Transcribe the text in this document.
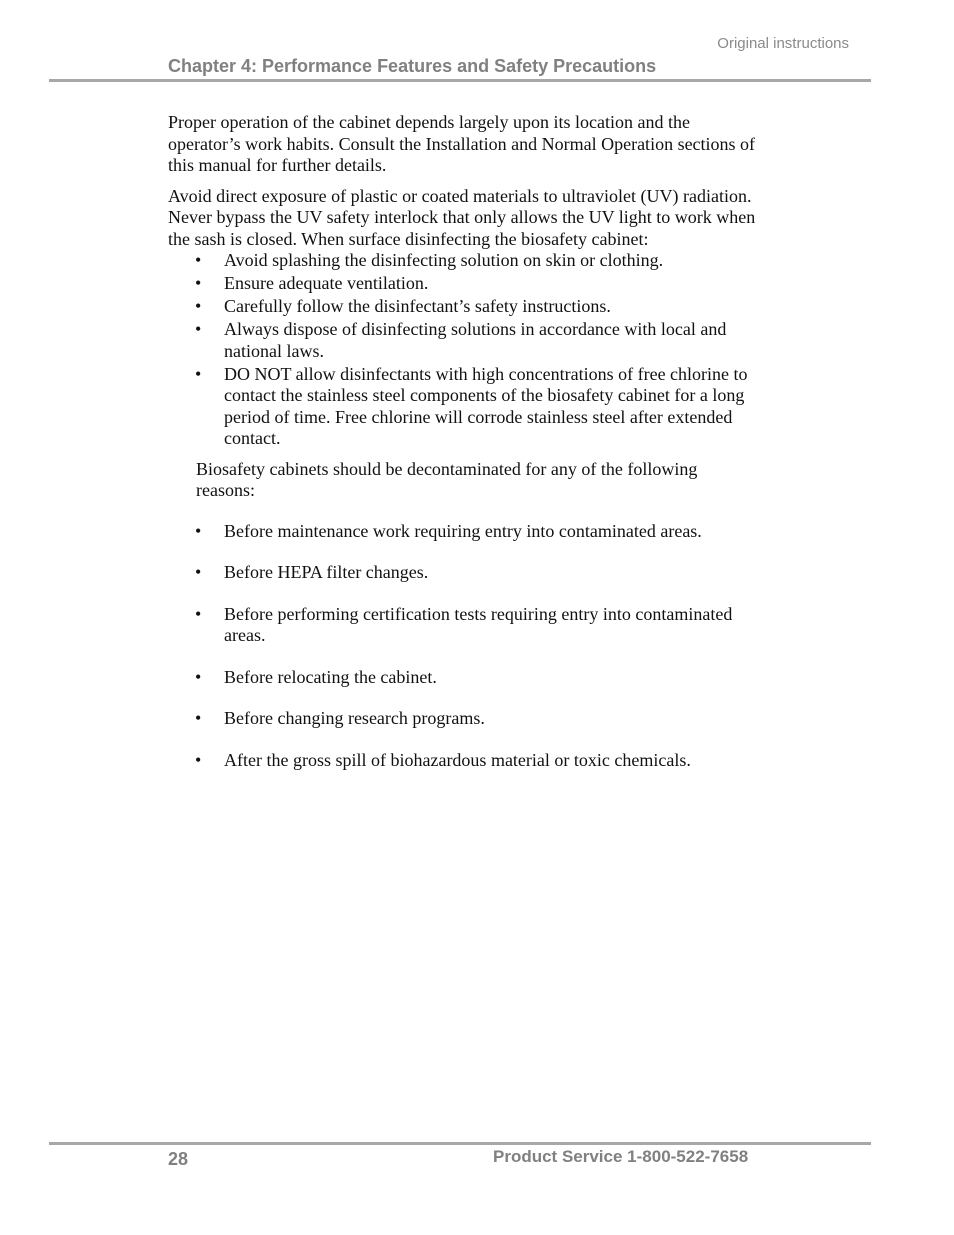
Original instructions
Chapter 4: Performance Features and Safety Precautions

Proper operation of the cabinet depends largely upon its location and the operator’s work habits. Consult the Installation and Normal Operation sections of this manual for further details.

Avoid direct exposure of plastic or coated materials to ultraviolet (UV) radiation. Never bypass the UV safety interlock that only allows the UV light to work when the sash is closed. When surface disinfecting the biosafety cabinet:

• Avoid splashing the disinfecting solution on skin or clothing.
• Ensure adequate ventilation.
• Carefully follow the disinfectant’s safety instructions.
• Always dispose of disinfecting solutions in accordance with local and national laws.
• DO NOT allow disinfectants with high concentrations of free chlorine to contact the stainless steel components of the biosafety cabinet for a long period of time. Free chlorine will corrode stainless steel after extended contact.

Biosafety cabinets should be decontaminated for any of the following reasons:

• Before maintenance work requiring entry into contaminated areas.
• Before HEPA filter changes.
• Before performing certification tests requiring entry into contaminated areas.
• Before relocating the cabinet.
• Before changing research programs.
• After the gross spill of biohazardous material or toxic chemicals.
28	Product Service 1-800-522-7658
